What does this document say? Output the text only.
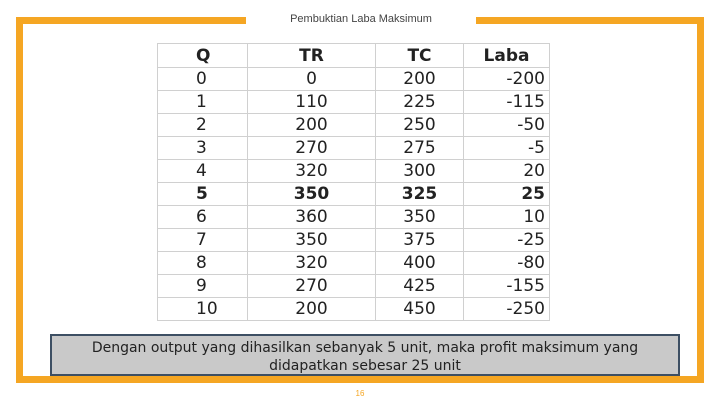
Pembuktian Laba Maksimum
Q	TR	TC	Laba
0	0	200	-200
1	110	225	-115
2	200	250	-50
3	270	275	-5
4	320	300	20
5	350	325	25
6	360	350	10
7	350	375	-25
8	320	400	-80
9	270	425	-155
10	200	450	-250
Dengan output yang dihasilkan sebanyak 5 unit, maka profit maksimum yang
didapatkan sebesar 25 unit
16
